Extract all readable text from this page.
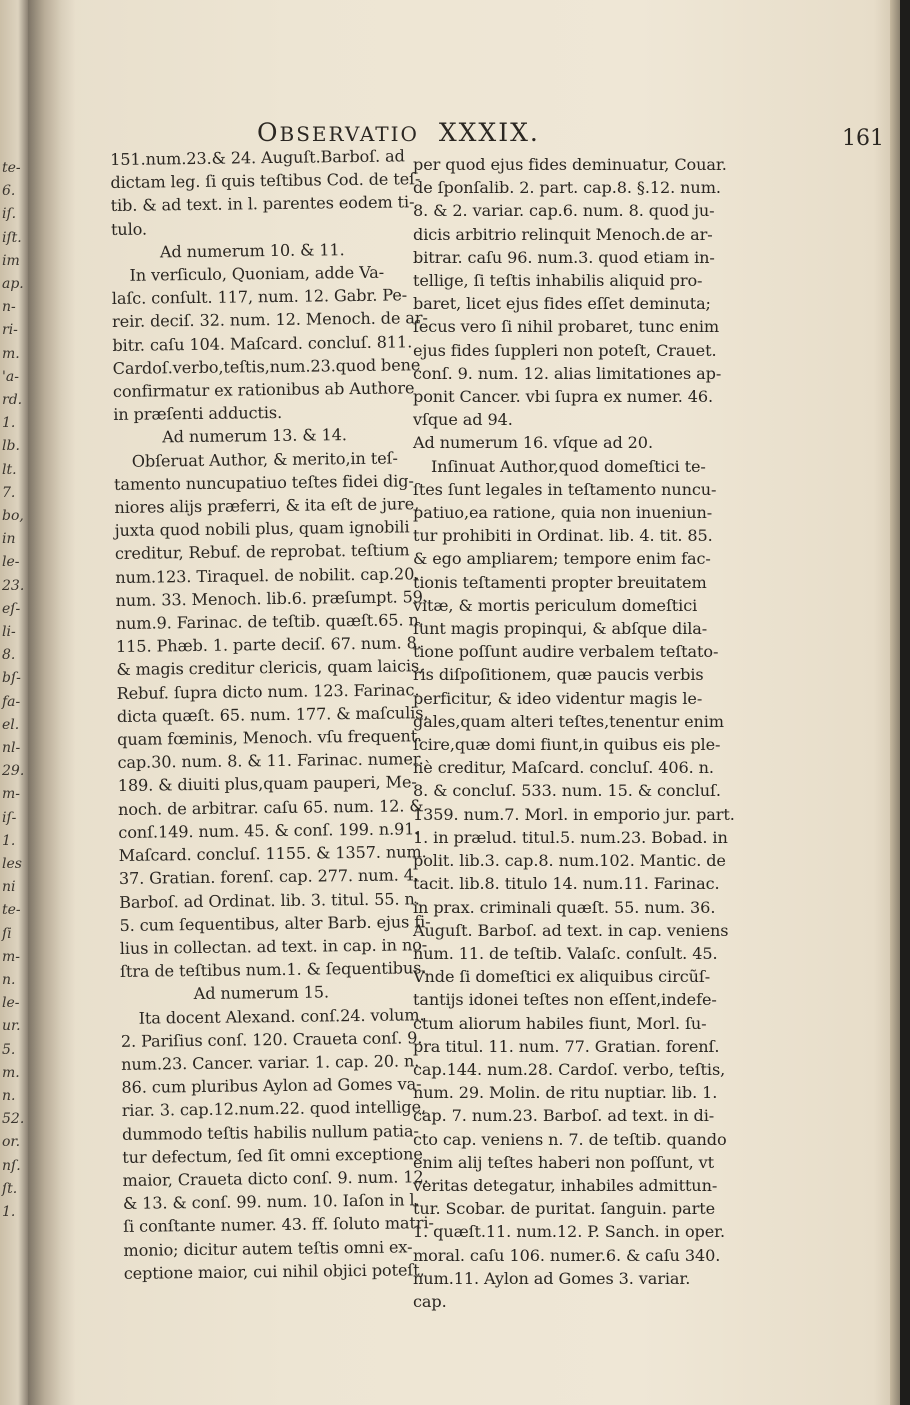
te-
6.
iſ.
iſt.
im
ap.
n-
ri-
m.
'a-
rd.
1.
lb.
lt.
7.
bo,
in
le-
23.
eſ-
li-
8.
bſ-
fa-
el.
nl-
29.
m-
iſ-
1.
les
ni
te-
ſi
m-
n.
le-
ur.
5.
m.
n.
52.
or.
nſ.
ſt.
1.
OBSERVATIO XXXIX.	161
151.num.23.& 24. Auguſt.Barboſ. ad
dictam leg. ſi quis teſtibus Cod. de teſ-
tib. & ad text. in l. parentes eodem ti-
tulo.
Ad numerum 10. & 11.
In verſiculo, Quoniam, adde Va-
laſc. conſult. 117, num. 12. Gabr. Pe-
reir. deciſ. 32. num. 12. Menoch. de ar-
bitr. caſu 104. Maſcard. concluſ. 811.
Cardoſ.verbo,teſtis,num.23.quod bene
confirmatur ex rationibus ab Authore
in præſenti adductis.
Ad numerum 13. & 14.
Obſeruat Author, & merito,in teſ-
tamento nuncupatiuo teſtes fidei dig-
niores alijs præferri, & ita eſt de jure,
juxta quod nobili plus, quam ignobili
creditur, Rebuf. de reprobat. teſtium
num.123. Tiraquel. de nobilit. cap.20.
num. 33. Menoch. lib.6. præſumpt. 59.
num.9. Farinac. de teſtib. quæſt.65. n.
115. Phæb. 1. parte deciſ. 67. num. 8.
& magis creditur clericis, quam laicis,
Rebuf. ſupra dicto num. 123. Farinac.
dicta quæſt. 65. num. 177. & maſculis,
quam fœminis, Menoch. vſu frequent.
cap.30. num. 8. & 11. Farinac. numer.
189. & diuiti plus,quam pauperi, Me-
noch. de arbitrar. caſu 65. num. 12. &
conſ.149. num. 45. & conſ. 199. n.91.
Maſcard. concluſ. 1155. & 1357. num.
37. Gratian. forenſ. cap. 277. num. 4.
Barboſ. ad Ordinat. lib. 3. titul. 55. n.
5. cum ſequentibus, alter Barb. ejus fi-
lius in collectan. ad text. in cap. in no-
ſtra de teſtibus num.1. & ſequentibus.
Ad numerum 15.
Ita docent Alexand. conſ.24. volum.
2. Pariſius conſ. 120. Craueta conſ. 9.
num.23. Cancer. variar. 1. cap. 20. n.
86. cum pluribus Aylon ad Gomes va-
riar. 3. cap.12.num.22. quod intellige,
dummodo teſtis habilis nullum patia-
tur defectum, ſed ſit omni exceptione
maior, Craueta dicto conſ. 9. num. 12.
& 13. & conſ. 99. num. 10. Iaſon in l.
ſi conſtante numer. 43. ff. ſoluto matri-
monio; dicitur autem teſtis omni ex-
ceptione maior, cui nihil objici poteſt,
per quod ejus fides deminuatur, Couar.
de ſponſalib. 2. part. cap.8. §.12. num.
8. & 2. variar. cap.6. num. 8. quod ju-
dicis arbitrio relinquit Menoch.de ar-
bitrar. caſu 96. num.3. quod etiam in-
tellige, ſi teſtis inhabilis aliquid pro-
baret, licet ejus fides eſſet deminuta;
ſecus vero ſi nihil probaret, tunc enim
ejus fides ſuppleri non poteſt, Crauet.
conſ. 9. num. 12. alias limitationes ap-
ponit Cancer. vbi ſupra ex numer. 46.
vſque ad 94.
Ad numerum 16. vſque ad 20.
Inſinuat Author,quod domeſtici te-
ſtes ſunt legales in teſtamento nuncu-
patiuo,ea ratione, quia non inueniun-
tur prohibiti in Ordinat. lib. 4. tit. 85.
& ego ampliarem; tempore enim fac-
tionis teſtamenti propter breuitatem
vitæ, & mortis periculum domeſtici
ſunt magis propinqui, & abſque dila-
tione poſſunt audire verbalem teſtato-
ris diſpoſitionem, quæ paucis verbis
perficitur, & ideo videntur magis le-
gales,quam alteri teſtes,tenentur enim
ſcire,quæ domi fiunt,in quibus eis ple-
nè creditur, Maſcard. concluſ. 406. n.
8. & concluſ. 533. num. 15. & concluſ.
1359. num.7. Morl. in emporio jur. part.
1. in prælud. titul.5. num.23. Bobad. in
polit. lib.3. cap.8. num.102. Mantic. de
tacit. lib.8. titulo 14. num.11. Farinac.
in prax. criminali quæſt. 55. num. 36.
Auguſt. Barboſ. ad text. in cap. veniens
num. 11. de teſtib. Valaſc. conſult. 45.
Vnde ſi domeſtici ex aliquibus circũſ-
tantijs idonei teſtes non eſſent,indefe-
ctum aliorum habiles fiunt, Morl. ſu-
pra titul. 11. num. 77. Gratian. forenſ.
cap.144. num.28. Cardoſ. verbo, teſtis,
num. 29. Molin. de ritu nuptiar. lib. 1.
cap. 7. num.23. Barboſ. ad text. in di-
cto cap. veniens n. 7. de teſtib. quando
enim alij teſtes haberi non poſſunt, vt
veritas detegatur, inhabiles admittun-
tur. Scobar. de puritat. ſanguin. parte
1. quæſt.11. num.12. P. Sanch. in oper.
moral. caſu 106. numer.6. & caſu 340.
num.11. Aylon ad Gomes 3. variar.
cap.
